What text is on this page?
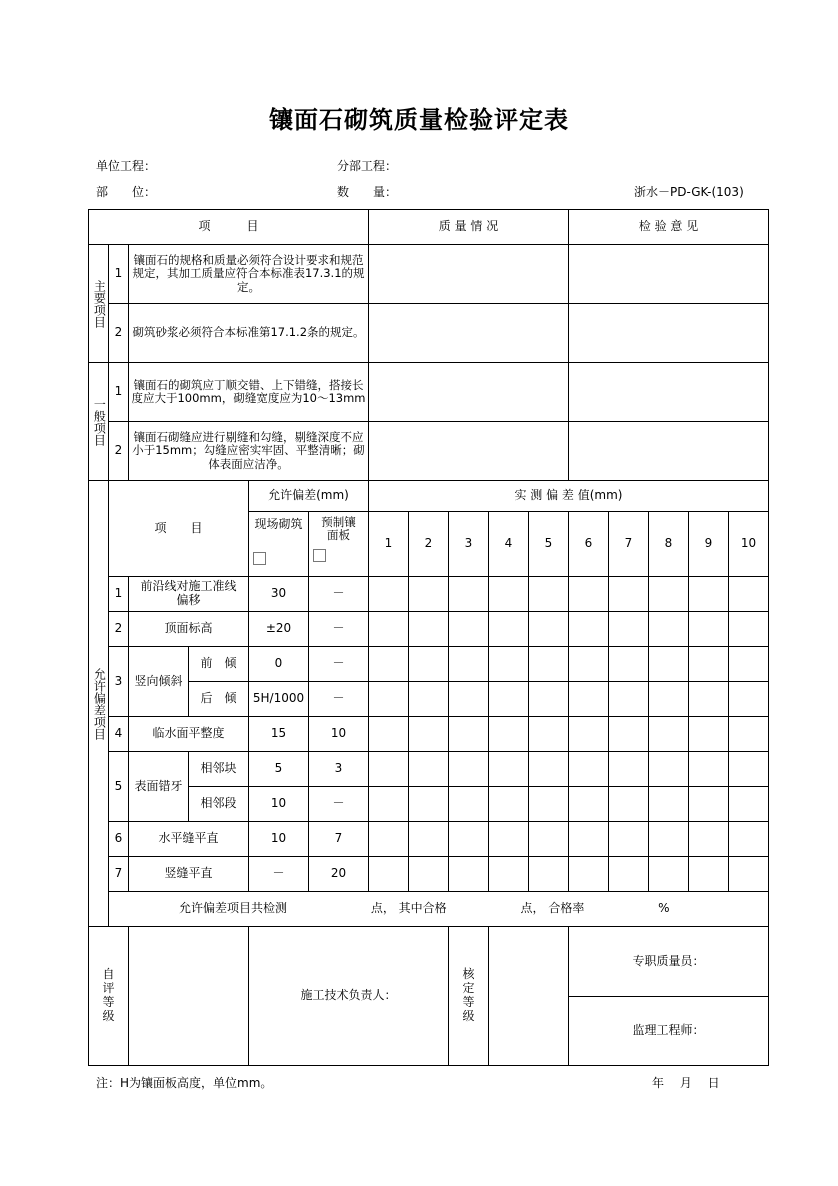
镶面石砌筑质量检验评定表
单位工程：	分部工程：
部　　位：	数　　量：	浙水－PD-GK-(103)
项　　　目						质 量 情 况					检 验 意 见				
主要项目	1	镶面石的规格和质量必须符合设计要求和规范规定，其加工质量应符合本标准表17.3.1的规定。													
	2	砌筑砂浆必须符合本标准第17.1.2条的规定。													
一般项目	1	镶面石的砌筑应丁顺交错、上下错缝，搭接长度应大于100mm，砌缝宽度应为10～13mm													
	2	镶面石砌缝应进行剔缝和勾缝，剔缝深度不应小于15mm；勾缝应密实牢固、平整清晰；砌体表面应洁净。													
允许偏差项目	项　　目			允许偏差(mm)		实 测 偏 差 值(mm)									

				现场砌筑	预制镶面板	1	2	3	4	5	6	7	8	9	10
	1	前沿线对施工准线偏移		30	－										
	2	顶面标高		±20	－										
	3	竖向倾斜	前　倾	0	－										
			后　倾	5H/1000	－										
	4	临水面平整度		15	10										
	5	表面错牙	相邻块	5	3										
			相邻段	10	－										
	6	水平缝平直		10	7										
	7	竖缝平直		－	20										
	允许偏差项目共检测 点， 其中合格 点， 合格率 %														
自评等级				施工技术负责人：				核定等级			专职质量员：				
											监理工程师：				
注：H为镶面板高度，单位mm。	年　 月　 日
